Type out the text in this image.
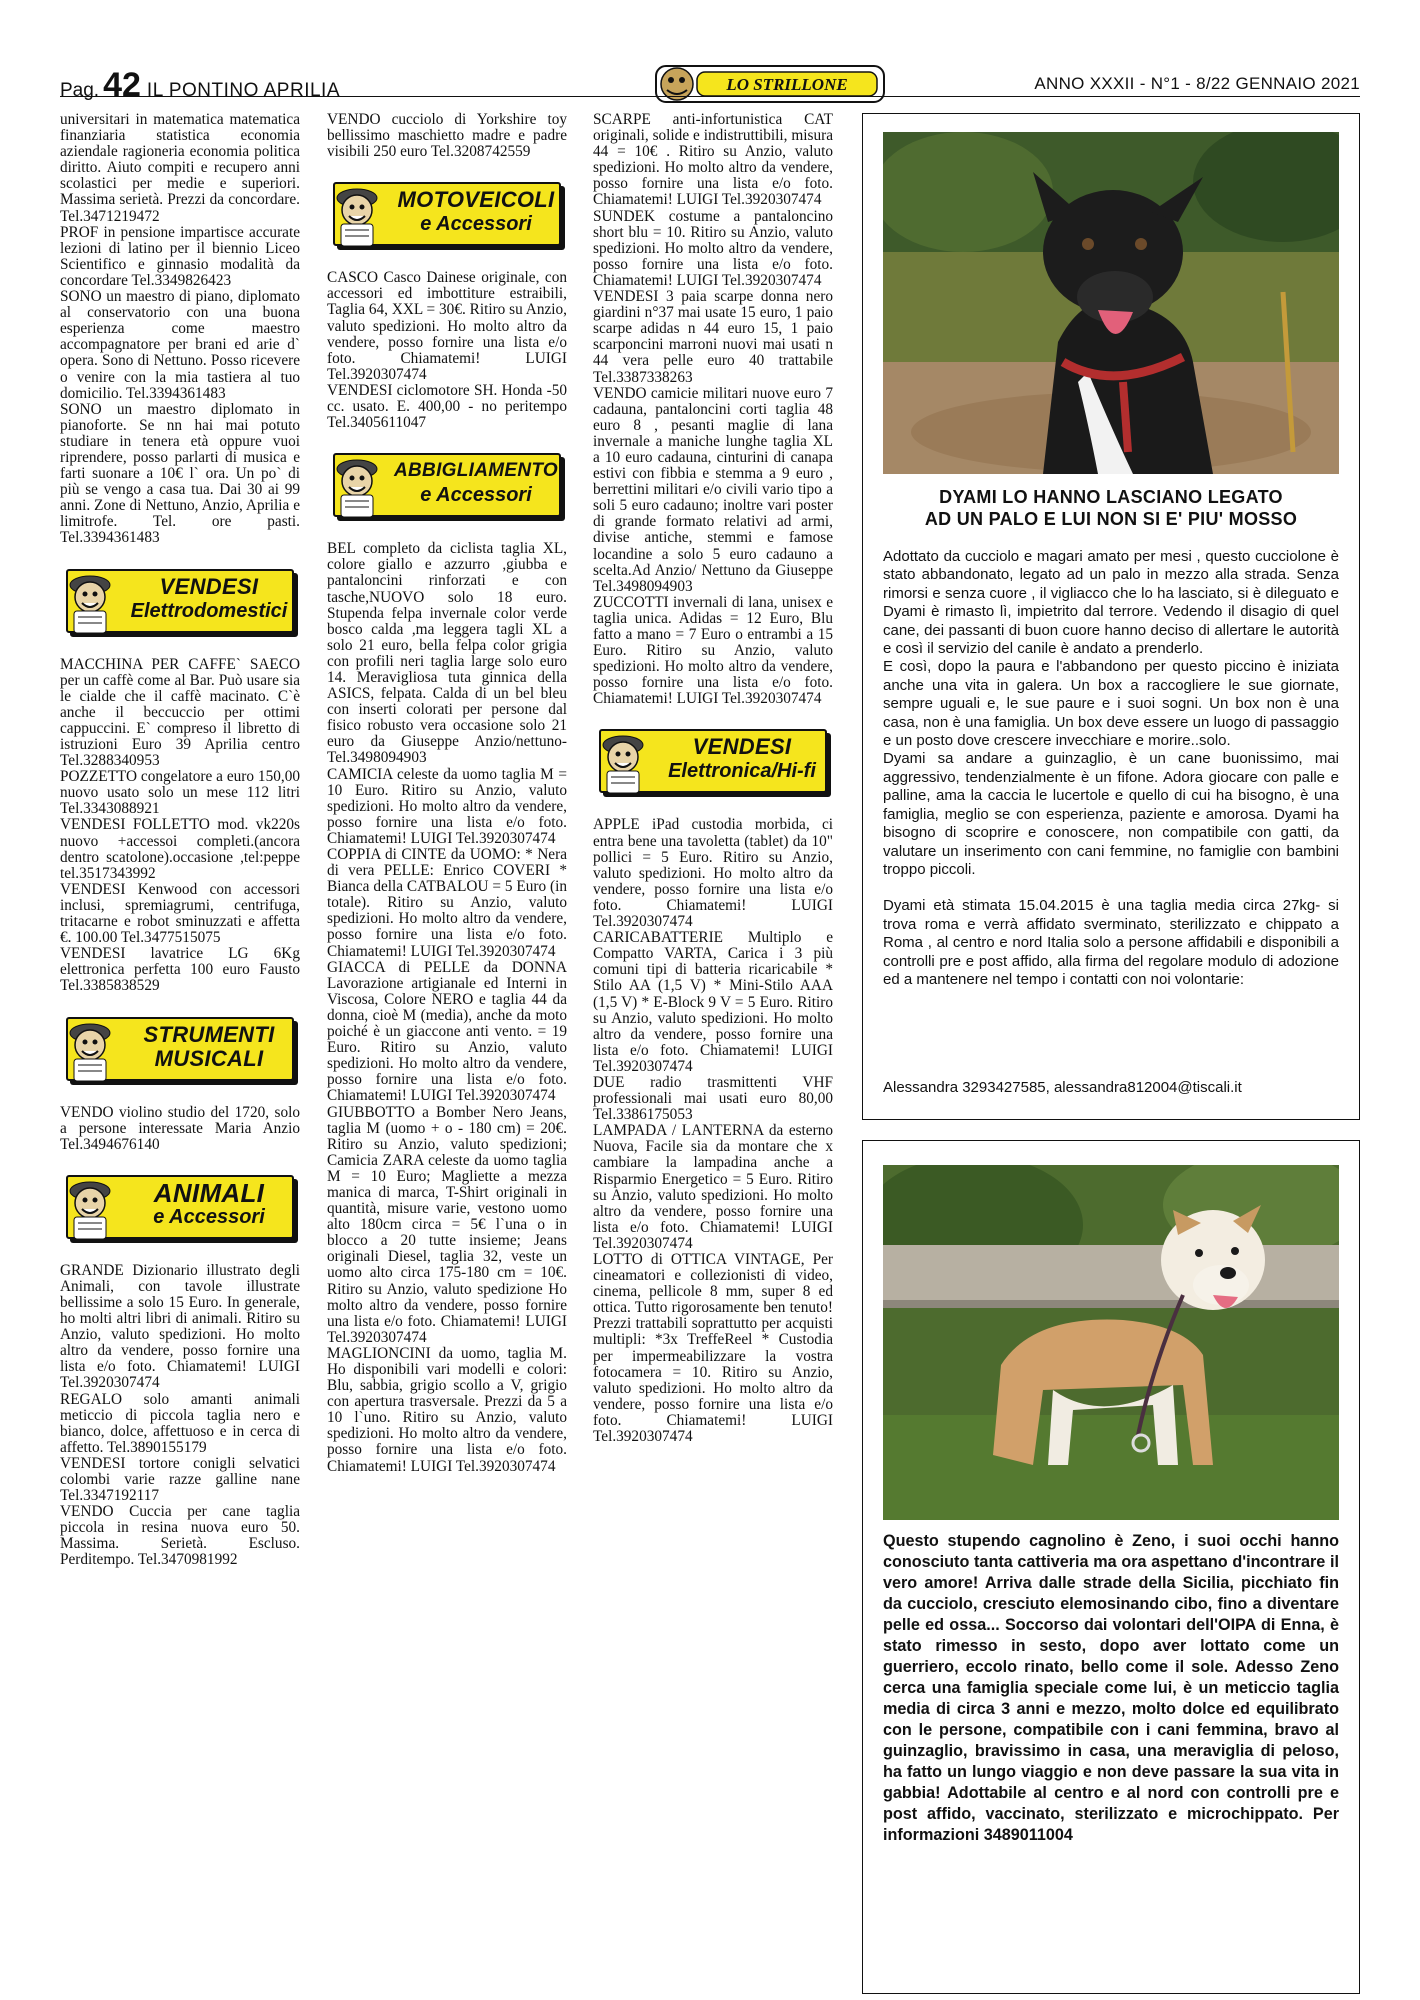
Pag. 42 IL PONTINO APRILIA	LO STRILLONE	ANNO XXXII - N°1 - 8/22 GENNAIO 2021

universitari in matematica matematica finanziaria statistica economia aziendale ragioneria economia politica diritto. Aiuto compiti e recupero anni scolastici per medie e superiori. Massima serietà. Prezzi da concordare. Tel.3471219472

PROF in pensione impartisce accurate lezioni di latino per il biennio Liceo Scientifico e ginnasio modalità da concordare Tel.3349826423

SONO un maestro di piano, diplomato al conservatorio con una buona esperienza come maestro accompagnatore per brani ed arie d` opera. Sono di Nettuno. Posso ricevere o venire con la mia tastiera al tuo domicilio. Tel.3394361483

SONO un maestro diplomato in pianoforte. Se nn hai mai potuto studiare in tenera età oppure vuoi riprendere, posso parlarti di musica e farti suonare a 10€ l` ora. Un po` di più se vengo a casa tua. Dai 30 ai 99 anni. Zone di Nettuno, Anzio, Aprilia e limitrofe. Tel. ore pasti. Tel.3394361483

VENDESI
Elettrodomestici

MACCHINA PER CAFFE` SAECO per un caffè come al Bar. Può usare sia le cialde che il caffè macinato. C`è anche il beccuccio per ottimi cappuccini. E` compreso il libretto di istruzioni Euro 39 Aprilia centro Tel.3288340953

POZZETTO congelatore a euro 150,00 nuovo usato solo un mese 112 litri Tel.3343088921

VENDESI FOLLETTO mod. vk220s nuovo +accessoi completi.(ancora dentro scatolone).occasione ,tel:peppe tel.3517343992

VENDESI Kenwood con accessori inclusi, spremiagrumi, centrifuga, tritacarne e robot sminuzzati e affetta €. 100.00 Tel.3477515075

VENDESI lavatrice LG 6Kg elettronica perfetta 100 euro Fausto Tel.3385838529

STRUMENTI
MUSICALI

VENDO violino studio del 1720, solo a persone interessate Maria Anzio Tel.3494676140

ANIMALI
e Accessori

GRANDE Dizionario illustrato degli Animali, con tavole illustrate bellissime a solo 15 Euro. In generale, ho molti altri libri di animali. Ritiro su Anzio, valuto spedizioni. Ho molto altro da vendere, posso fornire una lista e/o foto. Chiamatemi! LUIGI Tel.3920307474

REGALO solo amanti animali meticcio di piccola taglia nero e bianco, dolce, affettuoso e in cerca di affetto. Tel.3890155179

VENDESI tortore conigli selvatici colombi varie razze galline nane Tel.3347192117

VENDO Cuccia per cane taglia piccola in resina nuova euro 50. Massima. Serietà. Escluso. Perditempo. Tel.3470981992

VENDO cucciolo di Yorkshire toy bellissimo maschietto madre e padre visibili 250 euro Tel.3208742559

MOTOVEICOLI
e Accessori

CASCO Casco Dainese originale, con accessori ed imbottiture estraibili, Taglia 64, XXL = 30€. Ritiro su Anzio, valuto spedizioni. Ho molto altro da vendere, posso fornire una lista e/o foto. Chiamatemi! LUIGI Tel.3920307474

VENDESI ciclomotore SH. Honda -50 cc. usato. E. 400,00 - no peritempo Tel.3405611047

ABBIGLIAMENTO
e Accessori

BEL completo da ciclista taglia XL, colore giallo e azzurro ,giubba e pantaloncini rinforzati e con tasche,NUOVO solo 18 euro. Stupenda felpa invernale color verde bosco calda ,ma leggera tagli XL a solo 21 euro, bella felpa color grigia con profili neri taglia large solo euro 14. Meravigliosa tuta ginnica della ASICS, felpata. Calda di un bel bleu con inserti colorati per persone dal fisico robusto vera occasione solo 21 euro da Giuseppe Anzio/nettuno-Tel.3498094903

CAMICIA celeste da uomo taglia M = 10 Euro. Ritiro su Anzio, valuto spedizioni. Ho molto altro da vendere, posso fornire una lista e/o foto. Chiamatemi! LUIGI Tel.3920307474

COPPIA di CINTE da UOMO: * Nera di vera PELLE: Enrico COVERI * Bianca della CATBALOU = 5 Euro (in totale). Ritiro su Anzio, valuto spedizioni. Ho molto altro da vendere, posso fornire una lista e/o foto. Chiamatemi! LUIGI Tel.3920307474

GIACCA di PELLE da DONNA Lavorazione artigianale ed Interni in Viscosa, Colore NERO e taglia 44 da donna, cioè M (media), anche da moto poiché è un giaccone anti vento. = 19 Euro. Ritiro su Anzio, valuto spedizioni. Ho molto altro da vendere, posso fornire una lista e/o foto. Chiamatemi! LUIGI Tel.3920307474

GIUBBOTTO a Bomber Nero Jeans, taglia M (uomo + o - 180 cm) = 20€. Ritiro su Anzio, valuto spedizioni; Camicia ZARA celeste da uomo taglia M = 10 Euro; Magliette a mezza manica di marca, T-Shirt originali in quantità, misure varie, vestono uomo alto 180cm circa = 5€ l`una o in blocco a 20 tutte insieme; Jeans originali Diesel, taglia 32, veste un uomo alto circa 175-180 cm = 10€. Ritiro su Anzio, valuto spedizione Ho molto altro da vendere, posso fornire una lista e/o foto. Chiamatemi! LUIGI Tel.3920307474

MAGLIONCINI da uomo, taglia M. Ho disponibili vari modelli e colori: Blu, sabbia, grigio scollo a V, grigio con apertura trasversale. Prezzi da 5 a 10 l`uno. Ritiro su Anzio, valuto spedizioni. Ho molto altro da vendere, posso fornire una lista e/o foto. Chiamatemi! LUIGI Tel.3920307474

SCARPE anti-infortunistica CAT originali, solide e indistruttibili, misura 44 = 10€ . Ritiro su Anzio, valuto spedizioni. Ho molto altro da vendere, posso fornire una lista e/o foto. Chiamatemi! LUIGI Tel.3920307474

SUNDEK costume a pantaloncino short blu = 10. Ritiro su Anzio, valuto spedizioni. Ho molto altro da vendere, posso fornire una lista e/o foto. Chiamatemi! LUIGI Tel.3920307474

VENDESI 3 paia scarpe donna nero giardini n°37 mai usate 15 euro, 1 paio scarpe adidas n 44 euro 15, 1 paio scarponcini marroni nuovi mai usati n 44 vera pelle euro 40 trattabile Tel.3387338263

VENDO camicie militari nuove euro 7 cadauna, pantaloncini corti taglia 48 euro 8 , pesanti maglie di lana invernale a maniche lunghe taglia XL a 10 euro cadauna, cinturini di canapa estivi con fibbia e stemma a 9 euro , berrettini militari e/o civili vario tipo a soli 5 euro cadauno; inoltre vari poster di grande formato relativi ad armi, divise antiche, stemmi e famose locandine a solo 5 euro cadauno a scelta.Ad Anzio/ Nettuno da Giuseppe Tel.3498094903

ZUCCOTTI invernali di lana, unisex e taglia unica. Adidas = 12 Euro, Blu fatto a mano = 7 Euro o entrambi a 15 Euro. Ritiro su Anzio, valuto spedizioni. Ho molto altro da vendere, posso fornire una lista e/o foto. Chiamatemi! LUIGI Tel.3920307474

VENDESI
Elettronica/Hi-fi

APPLE iPad custodia morbida, ci entra bene una tavoletta (tablet) da 10" pollici = 5 Euro. Ritiro su Anzio, valuto spedizioni. Ho molto altro da vendere, posso fornire una lista e/o foto. Chiamatemi! LUIGI Tel.3920307474

CARICABATTERIE Multiplo e Compatto VARTA, Carica i 3 più comuni tipi di batteria ricaricabile * Stilo AA (1,5 V) * Mini-Stilo AAA (1,5 V) * E-Block 9 V = 5 Euro. Ritiro su Anzio, valuto spedizioni. Ho molto altro da vendere, posso fornire una lista e/o foto. Chiamatemi! LUIGI Tel.3920307474

DUE radio trasmittenti VHF professionali mai usati euro 80,00 Tel.3386175053

LAMPADA / LANTERNA da esterno Nuova, Facile sia da montare che x cambiare la lampadina anche a Risparmio Energetico = 5 Euro. Ritiro su Anzio, valuto spedizioni. Ho molto altro da vendere, posso fornire una lista e/o foto. Chiamatemi! LUIGI Tel.3920307474

LOTTO di OTTICA VINTAGE, Per cineamatori e collezionisti di video, cinema, pellicole 8 mm, super 8 ed ottica. Tutto rigorosamente ben tenuto! Prezzi trattabili soprattutto per acquisti multipli: *3x TreffeReel * Custodia per impermeabilizzare la vostra fotocamera = 10. Ritiro su Anzio, valuto spedizioni. Ho molto altro da vendere, posso fornire una lista e/o foto. Chiamatemi! LUIGI Tel.3920307474

DYAMI LO HANNO LASCIANO LEGATO
AD UN PALO E LUI NON SI E' PIU' MOSSO

Adottato da cucciolo e magari amato per mesi , questo cucciolone è stato abbandonato, legato ad un palo in mezzo alla strada. Senza rimorsi e senza cuore , il vigliacco che lo ha lasciato, si è dileguato e Dyami è rimasto lì, impietrito dal terrore. Vedendo il disagio di quel cane, dei passanti di buon cuore hanno deciso di allertare le autorità e così il servizio del canile è andato a prenderlo.

E così, dopo la paura e l'abbandono per questo piccino è iniziata anche una vita in galera. Un box a raccogliere le sue giornate, sempre uguali e, le sue paure e i suoi sogni. Un box non è una casa, non è una famiglia. Un box deve essere un luogo di passaggio e un posto dove crescere invecchiare e morire..solo.

Dyami sa andare a guinzaglio, è un cane buonissimo, mai aggressivo, tendenzialmente è un fifone. Adora giocare con palle e palline, ama la caccia le lucertole e quello di cui ha bisogno, è una famiglia, meglio se con esperienza, paziente e amorosa. Dyami ha bisogno di scoprire e conoscere, non compatibile con gatti, da valutare un inserimento con cani femmine, no famiglie con bambini troppo piccoli.

Dyami età stimata 15.04.2015 è una taglia media circa 27kg- si trova roma e verrà affidato sverminato, sterilizzato e chippato a Roma , al centro e nord Italia solo a persone affidabili e disponibili a controlli pre e post affido, alla firma del regolare modulo di adozione ed a mantenere nel tempo i contatti con noi volontarie:

Alessandra 3293427585, alessandra812004@tiscali.it
Questo stupendo cagnolino è Zeno, i suoi occhi hanno conosciuto tanta cattiveria ma ora aspettano d'incontrare il vero amore! Arriva dalle strade della Sicilia, picchiato fin da cucciolo, cresciuto elemosinando cibo, fino a diventare pelle ed ossa... Soccorso dai volontari dell'OIPA di Enna, è stato rimesso in sesto, dopo aver lottato come un guerriero, eccolo rinato, bello come il sole. Adesso Zeno cerca una famiglia speciale come lui, è un meticcio taglia media di circa 3 anni e mezzo, molto dolce ed equilibrato con le persone, compatibile con i cani femmina, bravo al guinzaglio, bravissimo in casa, una meraviglia di peloso, ha fatto un lungo viaggio e non deve passare la sua vita in gabbia! Adottabile al centro e al nord con controlli pre e post affido, vaccinato, sterilizzato e microchippato. Per informazioni 3489011004
